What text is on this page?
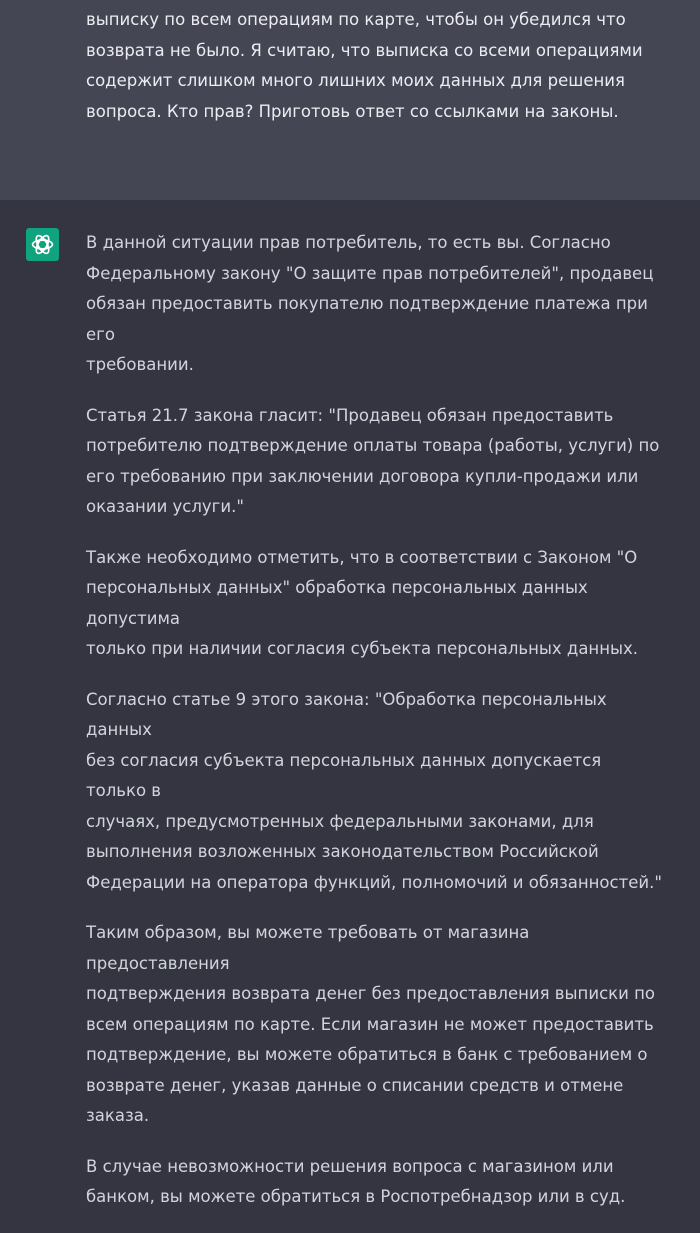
выписку по всем операциям по карте, чтобы он убедился что
возврата не было. Я считаю, что выписка со всеми операциями
содержит слишком много лишних моих данных для решения
вопроса. Кто прав? Приготовь ответ со ссылками на законы.

В данной ситуации прав потребитель, то есть вы. Согласно
Федеральному закону "О защите прав потребителей", продавец
обязан предоставить покупателю подтверждение платежа при его
требовании.

Статья 21.7 закона гласит: "Продавец обязан предоставить
потребителю подтверждение оплаты товара (работы, услуги) по
его требованию при заключении договора купли-продажи или
оказании услуги."

Также необходимо отметить, что в соответствии с Законом "О
персональных данных" обработка персональных данных допустима
только при наличии согласия субъекта персональных данных.

Согласно статье 9 этого закона: "Обработка персональных данных
без согласия субъекта персональных данных допускается только в
случаях, предусмотренных федеральными законами, для
выполнения возложенных законодательством Российской
Федерации на оператора функций, полномочий и обязанностей."

Таким образом, вы можете требовать от магазина предоставления
подтверждения возврата денег без предоставления выписки по
всем операциям по карте. Если магазин не может предоставить
подтверждение, вы можете обратиться в банк с требованием о
возврате денег, указав данные о списании средств и отмене заказа.

В случае невозможности решения вопроса с магазином или
банком, вы можете обратиться в Роспотребнадзор или в суд.
